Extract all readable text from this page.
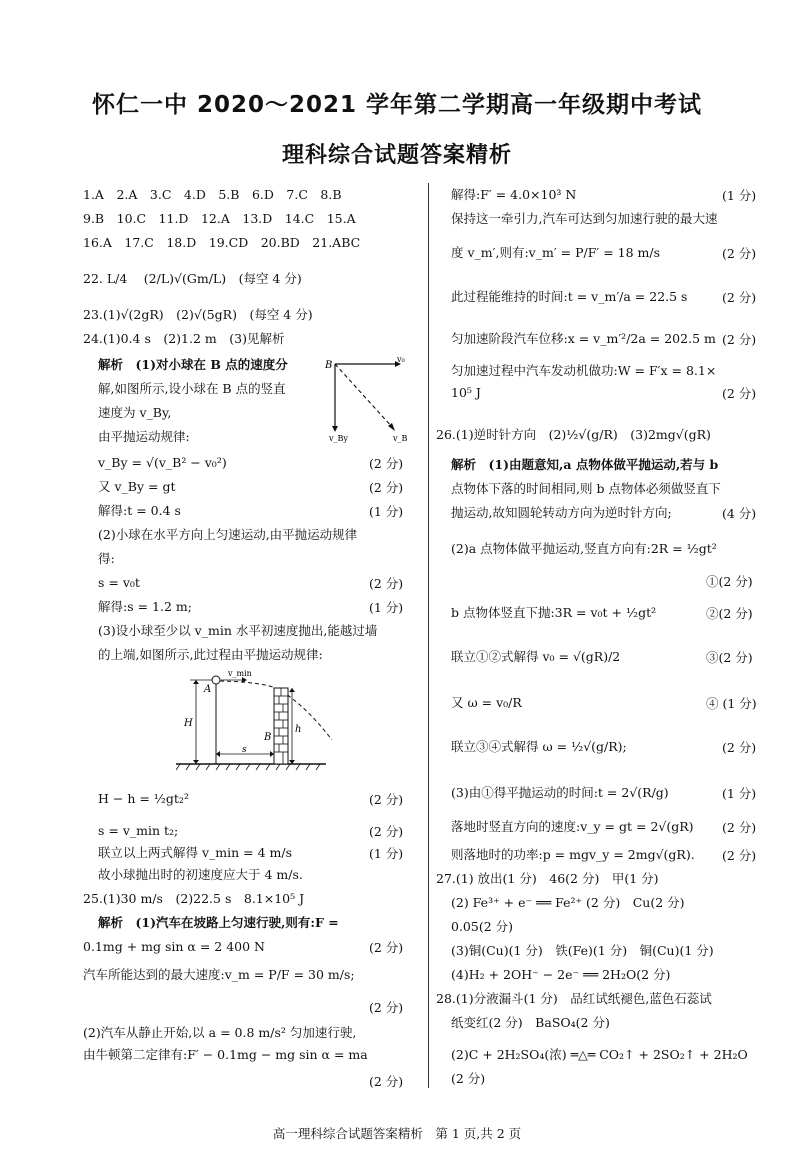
怀仁一中 2020～2021 学年第二学期高一年级期中考试
理科综合试题答案精析
1.A　2.A　3.C　4.D　5.B　6.D　7.C　8.B
9.B　10.C　11.D　12.A　13.D　14.C　15.A
16.A　17.C　18.D　19.CD　20.BD　21.ABC
22. L/4　 (2/L)√(Gm/L)　(每空 4 分)
23.(1)√(2gR)　(2)√(5gR)　(每空 4 分)
24.(1)0.4 s　(2)1.2 m　(3)见解析
解析　(1)对小球在 B 点的速度分
解,如图所示,设小球在 B 点的竖直
速度为 v_By,
由平抛运动规律:
v_By = √(v_B² − v₀²)
又 v_By = gt
解得:t = 0.4 s
(2)小球在水平方向上匀速运动,由平抛运动规律
得:
s = v₀t
解得:s = 1.2 m;
(3)设小球至少以 v_min 水平初速度抛出,能越过墙
的上端,如图所示,此过程由平抛运动规律:
H − h = ½gt₂²
s = v_min t₂;
联立以上两式解得 v_min = 4 m/s
故小球抛出时的初速度应大于 4 m/s.
25.(1)30 m/s　(2)22.5 s　8.1×10⁵ J
解析　(1)汽车在坡路上匀速行驶,则有:F =
0.1mg + mg sin α = 2 400 N
汽车所能达到的最大速度:v_m = P/F = 30 m/s;
(2)汽车从静止开始,以 a = 0.8 m/s² 匀加速行驶,
由牛顿第二定律有:F′ − 0.1mg − mg sin α = ma
(2 分)
(2 分)
(1 分)
(2 分)
(1 分)
(2 分)
(2 分)
(1 分)
(2 分)
(2 分)
(2 分)
B
v₀
v_By	v_B
v_min
A
H
B
h
s
解得:F′ = 4.0×10³ N
保持这一牵引力,汽车可达到匀加速行驶的最大速
度 v_m′,则有:v_m′ = P/F′ = 18 m/s
此过程能维持的时间:t = v_m′/a = 22.5 s
匀加速阶段汽车位移:x = v_m′²/2a = 202.5 m
匀加速过程中汽车发动机做功:W = F′x = 8.1×
10⁵ J
26.(1)逆时针方向　(2)½√(g/R)　(3)2mg√(gR)
解析　(1)由题意知,a 点物体做平抛运动,若与 b
点物体下落的时间相同,则 b 点物体必须做竖直下
抛运动,故知圆轮转动方向为逆时针方向;
(2)a 点物体做平抛运动,竖直方向有:2R = ½gt²
b 点物体竖直下抛:3R = v₀t + ½gt²
联立①②式解得 v₀ = √(gR)/2
又 ω = v₀/R
联立③④式解得 ω = ½√(g/R);
(3)由①得平抛运动的时间:t = 2√(R/g)
落地时竖直方向的速度:v_y = gt = 2√(gR)
则落地时的功率:p = mgv_y = 2mg√(gR).
27.(1) 放出(1 分)　46(2 分)　甲(1 分)
(2) Fe³⁺ + e⁻ ══ Fe²⁺ (2 分)　Cu(2 分)
0.05(2 分)
(3)铜(Cu)(1 分)　铁(Fe)(1 分)　铜(Cu)(1 分)
(4)H₂ + 2OH⁻ − 2e⁻ ══ 2H₂O(2 分)
28.(1)分液漏斗(1 分)　品红试纸褪色,蓝色石蕊试
纸变红(2 分)　BaSO₄(2 分)
(2)C + 2H₂SO₄(浓) ═△═ CO₂↑ + 2SO₂↑ + 2H₂O
(2 分)
(1 分)
(2 分)
(2 分)
(2 分)
(2 分)
(4 分)
①(2 分)
②(2 分)
③(2 分)
④ (1 分)
(2 分)
(1 分)
(2 分)
(2 分)
高一理科综合试题答案精析　第 1 页,共 2 页
